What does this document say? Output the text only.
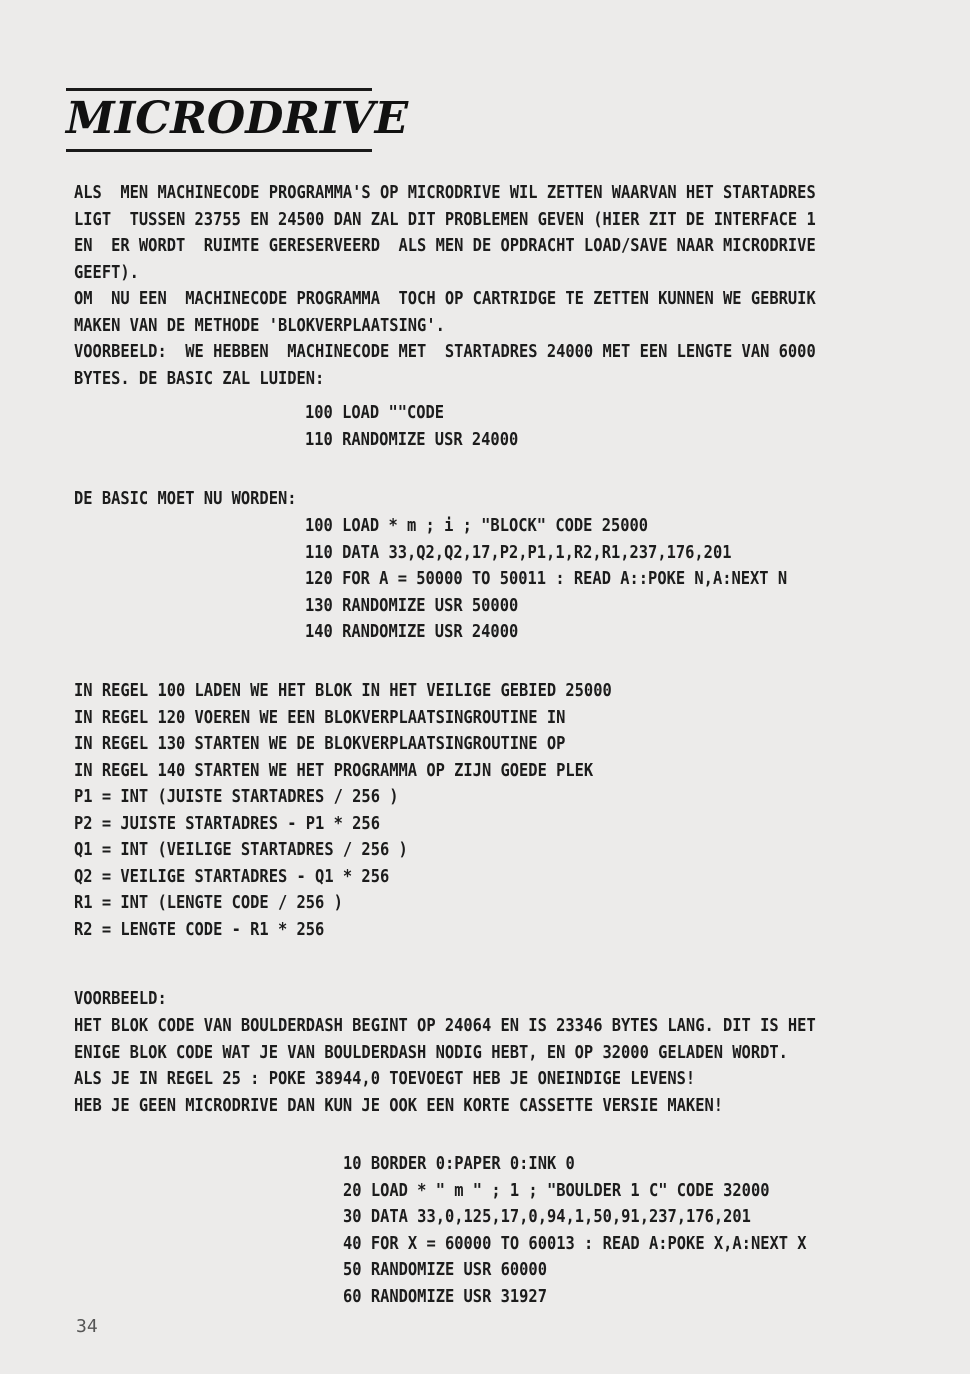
MICRODRIVE
ALS  MEN MACHINECODE PROGRAMMA'S OP MICRODRIVE WIL ZETTEN WAARVAN HET STARTADRES
LIGT  TUSSEN 23755 EN 24500 DAN ZAL DIT PROBLEMEN GEVEN (HIER ZIT DE INTERFACE 1
EN  ER WORDT  RUIMTE GERESERVEERD  ALS MEN DE OPDRACHT LOAD/SAVE NAAR MICRODRIVE
GEEFT).
OM  NU EEN  MACHINECODE PROGRAMMA  TOCH OP CARTRIDGE TE ZETTEN KUNNEN WE GEBRUIK
MAKEN VAN DE METHODE 'BLOKVERPLAATSING'.
VOORBEELD:  WE HEBBEN  MACHINECODE MET  STARTADRES 24000 MET EEN LENGTE VAN 6000
BYTES. DE BASIC ZAL LUIDEN:
100 LOAD ""CODE
110 RANDOMIZE USR 24000
DE BASIC MOET NU WORDEN:
100 LOAD * m ; i ; "BLOCK" CODE 25000
110 DATA 33,Q2,Q2,17,P2,P1,1,R2,R1,237,176,201
120 FOR A = 50000 TO 50011 : READ A::POKE N,A:NEXT N
130 RANDOMIZE USR 50000
140 RANDOMIZE USR 24000
IN REGEL 100 LADEN WE HET BLOK IN HET VEILIGE GEBIED 25000
IN REGEL 120 VOEREN WE EEN BLOKVERPLAATSINGROUTINE IN
IN REGEL 130 STARTEN WE DE BLOKVERPLAATSINGROUTINE OP
IN REGEL 140 STARTEN WE HET PROGRAMMA OP ZIJN GOEDE PLEK
P1 = INT (JUISTE STARTADRES / 256 )
P2 = JUISTE STARTADRES - P1 * 256
Q1 = INT (VEILIGE STARTADRES / 256 )
Q2 = VEILIGE STARTADRES - Q1 * 256
R1 = INT (LENGTE CODE / 256 )
R2 = LENGTE CODE - R1 * 256
VOORBEELD:
HET BLOK CODE VAN BOULDERDASH BEGINT OP 24064 EN IS 23346 BYTES LANG. DIT IS HET
ENIGE BLOK CODE WAT JE VAN BOULDERDASH NODIG HEBT, EN OP 32000 GELADEN WORDT.
ALS JE IN REGEL 25 : POKE 38944,0 TOEVOEGT HEB JE ONEINDIGE LEVENS!
HEB JE GEEN MICRODRIVE DAN KUN JE OOK EEN KORTE CASSETTE VERSIE MAKEN!
10 BORDER 0:PAPER 0:INK 0
20 LOAD * " m " ; 1 ; "BOULDER 1 C" CODE 32000
30 DATA 33,0,125,17,0,94,1,50,91,237,176,201
40 FOR X = 60000 TO 60013 : READ A:POKE X,A:NEXT X
50 RANDOMIZE USR 60000
60 RANDOMIZE USR 31927
34
